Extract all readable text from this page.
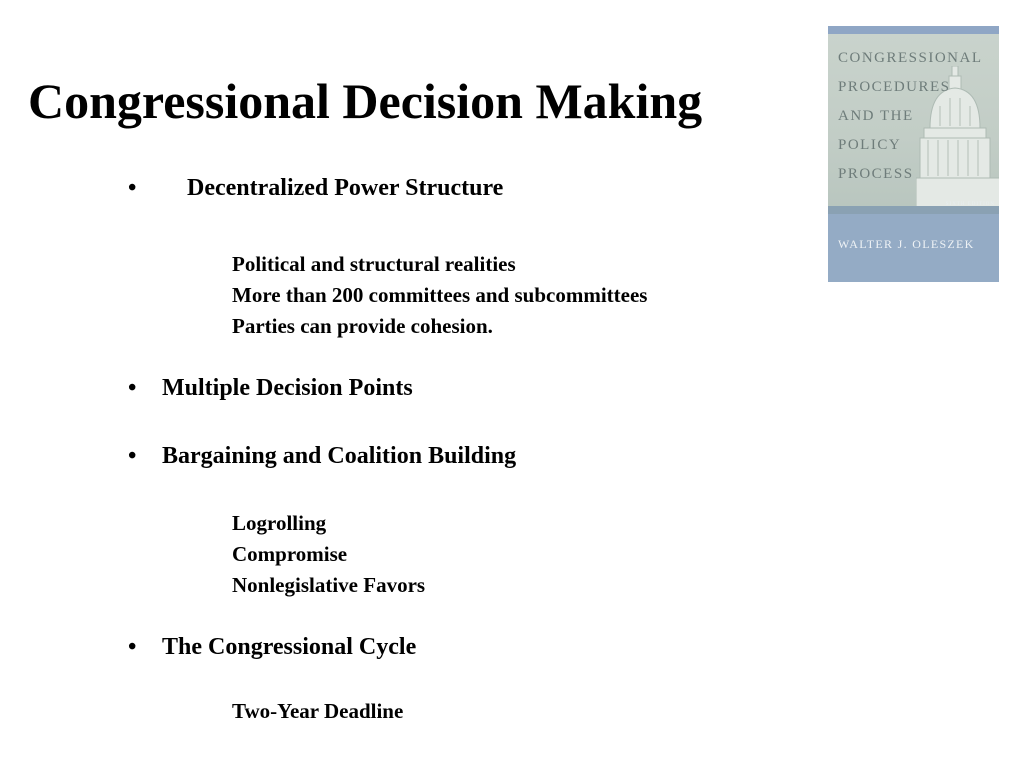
Congressional Decision Making
• Decentralized Power Structure
Political and structural realities
More than 200 committees and subcommittees
Parties can provide cohesion.
• Multiple Decision Points
• Bargaining and Coalition Building
Logrolling
Compromise
Nonlegislative Favors
• The Congressional Cycle
Two-Year Deadline
CONGRESSIONAL
PROCEDURES
AND THE
POLICY
PROCESS
SIXTH EDITION
WALTER J. OLESZEK
